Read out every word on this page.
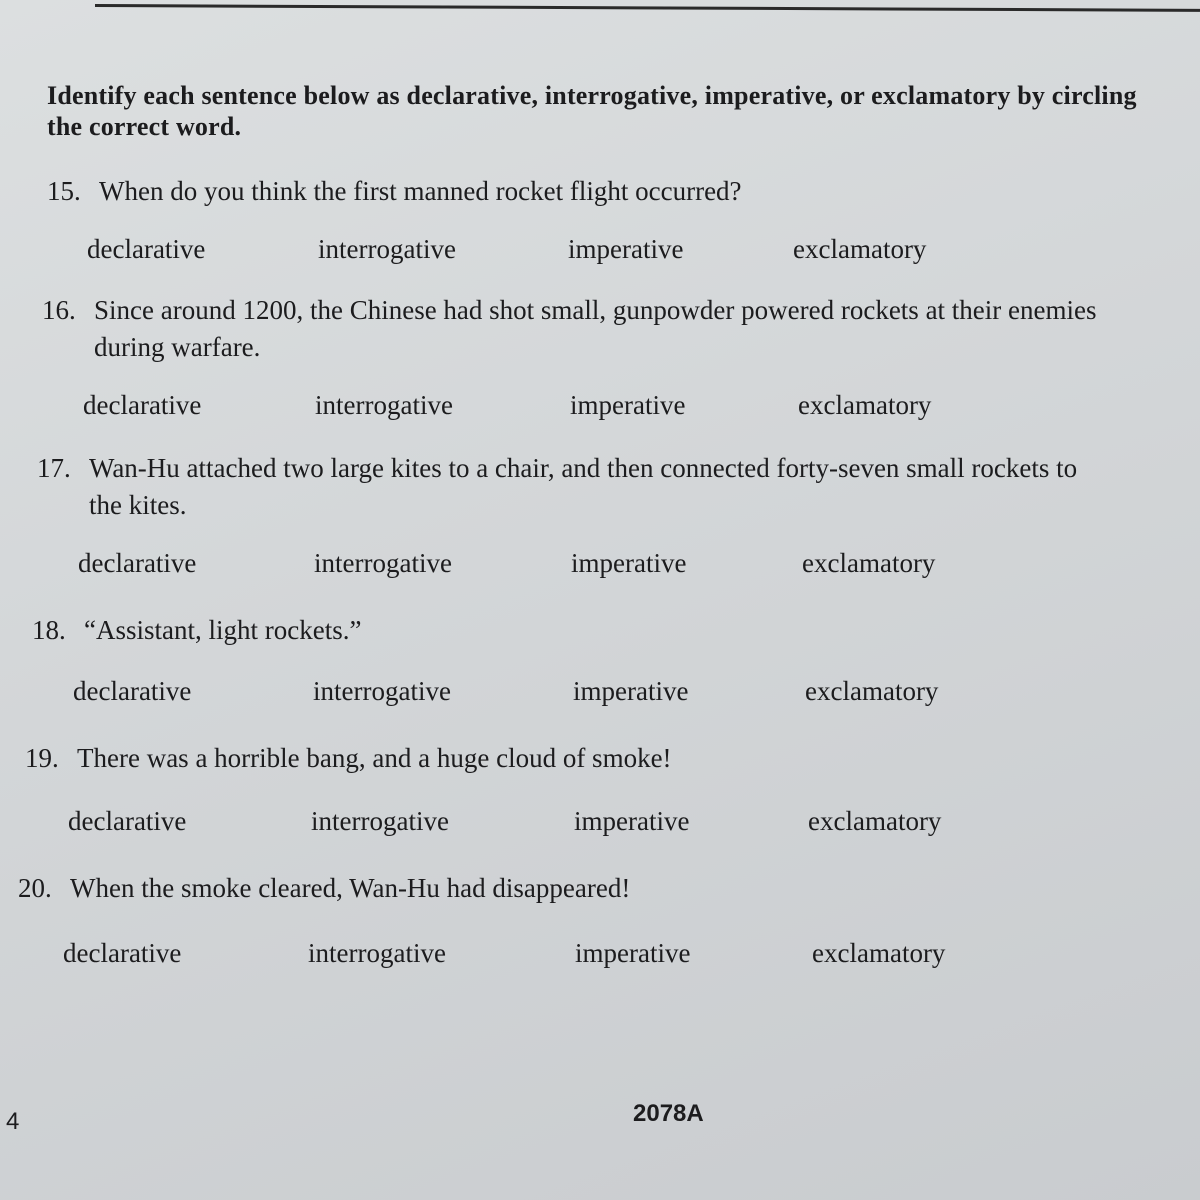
Identify each sentence below as declarative, interrogative, imperative, or exclamatory by circling the correct word.
15. When do you think the first manned rocket flight occurred?
declarative	interrogative	imperative	exclamatory
16. Since around 1200, the Chinese had shot small, gunpowder powered rockets at their enemies
during warfare.
declarative	interrogative	imperative	exclamatory
17. Wan-Hu attached two large kites to a chair, and then connected forty-seven small rockets to
the kites.
declarative	interrogative	imperative	exclamatory
18. “Assistant, light rockets.”
declarative	interrogative	imperative	exclamatory
19. There was a horrible bang, and a huge cloud of smoke!
declarative	interrogative	imperative	exclamatory
20. When the smoke cleared, Wan-Hu had disappeared!
declarative	interrogative	imperative	exclamatory
4	2078A
